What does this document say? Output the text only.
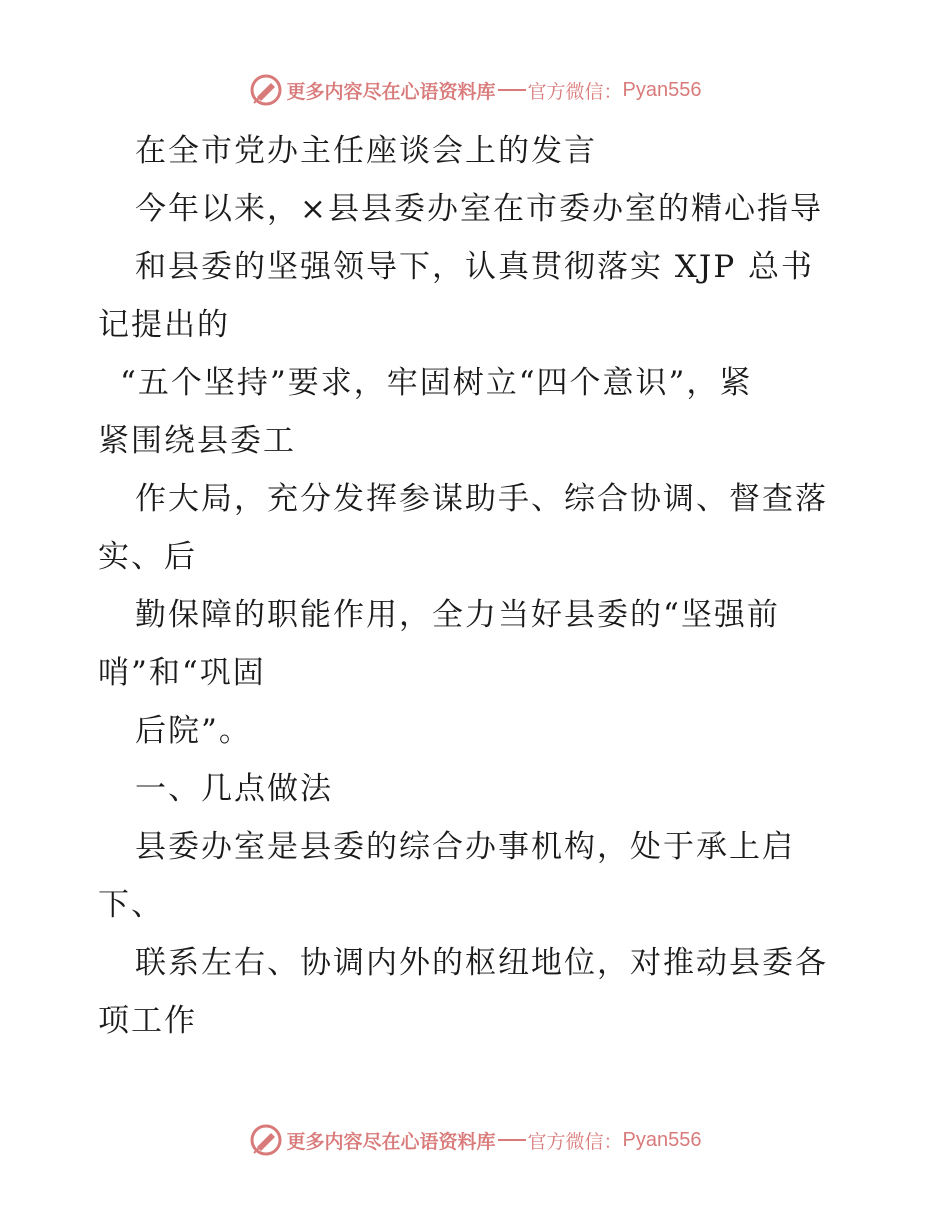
更多内容尽在心语资料库 官方微信： Pyan556
在全市党办主任座谈会上的发言
今年以来，×县县委办室在市委办室的精心指导
和县委的坚强领导下，认真贯彻落实 XJP 总书
记提出的
“五个坚持”要求，牢固树立“四个意识”，紧
紧围绕县委工
作大局，充分发挥参谋助手、综合协调、督查落
实、后
勤保障的职能作用，全力当好县委的“坚强前
哨”和“巩固
后院”。
一、几点做法
县委办室是县委的综合办事机构，处于承上启
下、
联系左右、协调内外的枢纽地位，对推动县委各
项工作
更多内容尽在心语资料库 官方微信： Pyan556
